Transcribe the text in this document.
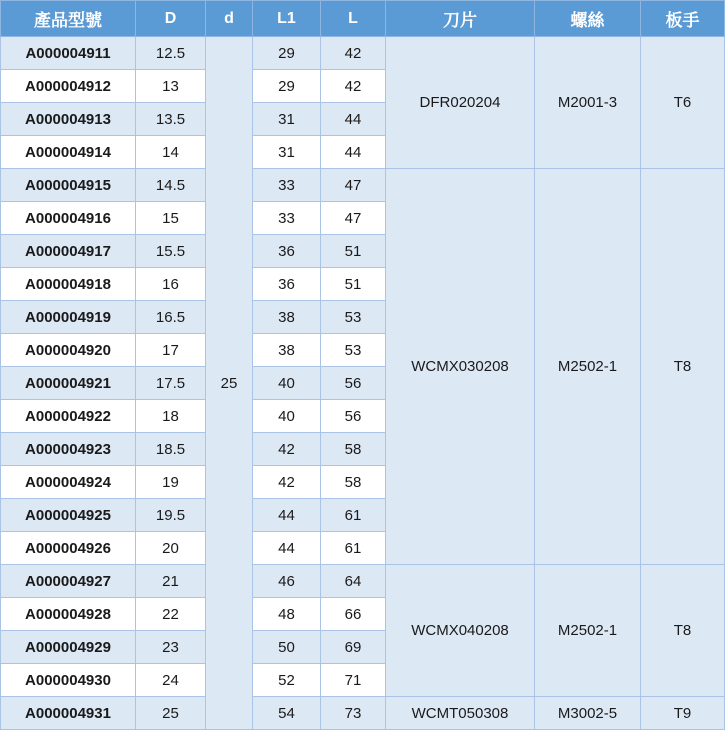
產品型號	D	d	L1	L	刀片	螺絲	板手
A000004911	12.5	25	29	42	DFR020204	M2001-3	T6
A000004912	13		29	42			
A000004913	13.5		31	44			
A000004914	14		31	44			
A000004915	14.5		33	47	WCMX030208	M2502-1	T8
A000004916	15		33	47			
A000004917	15.5		36	51			
A000004918	16		36	51			
A000004919	16.5		38	53			
A000004920	17		38	53			
A000004921	17.5		40	56			
A000004922	18		40	56			
A000004923	18.5		42	58			
A000004924	19		42	58			
A000004925	19.5		44	61			
A000004926	20		44	61			
A000004927	21		46	64	WCMX040208	M2502-1	T8
A000004928	22		48	66			
A000004929	23		50	69			
A000004930	24		52	71			
A000004931	25		54	73	WCMT050308	M3002-5	T9
